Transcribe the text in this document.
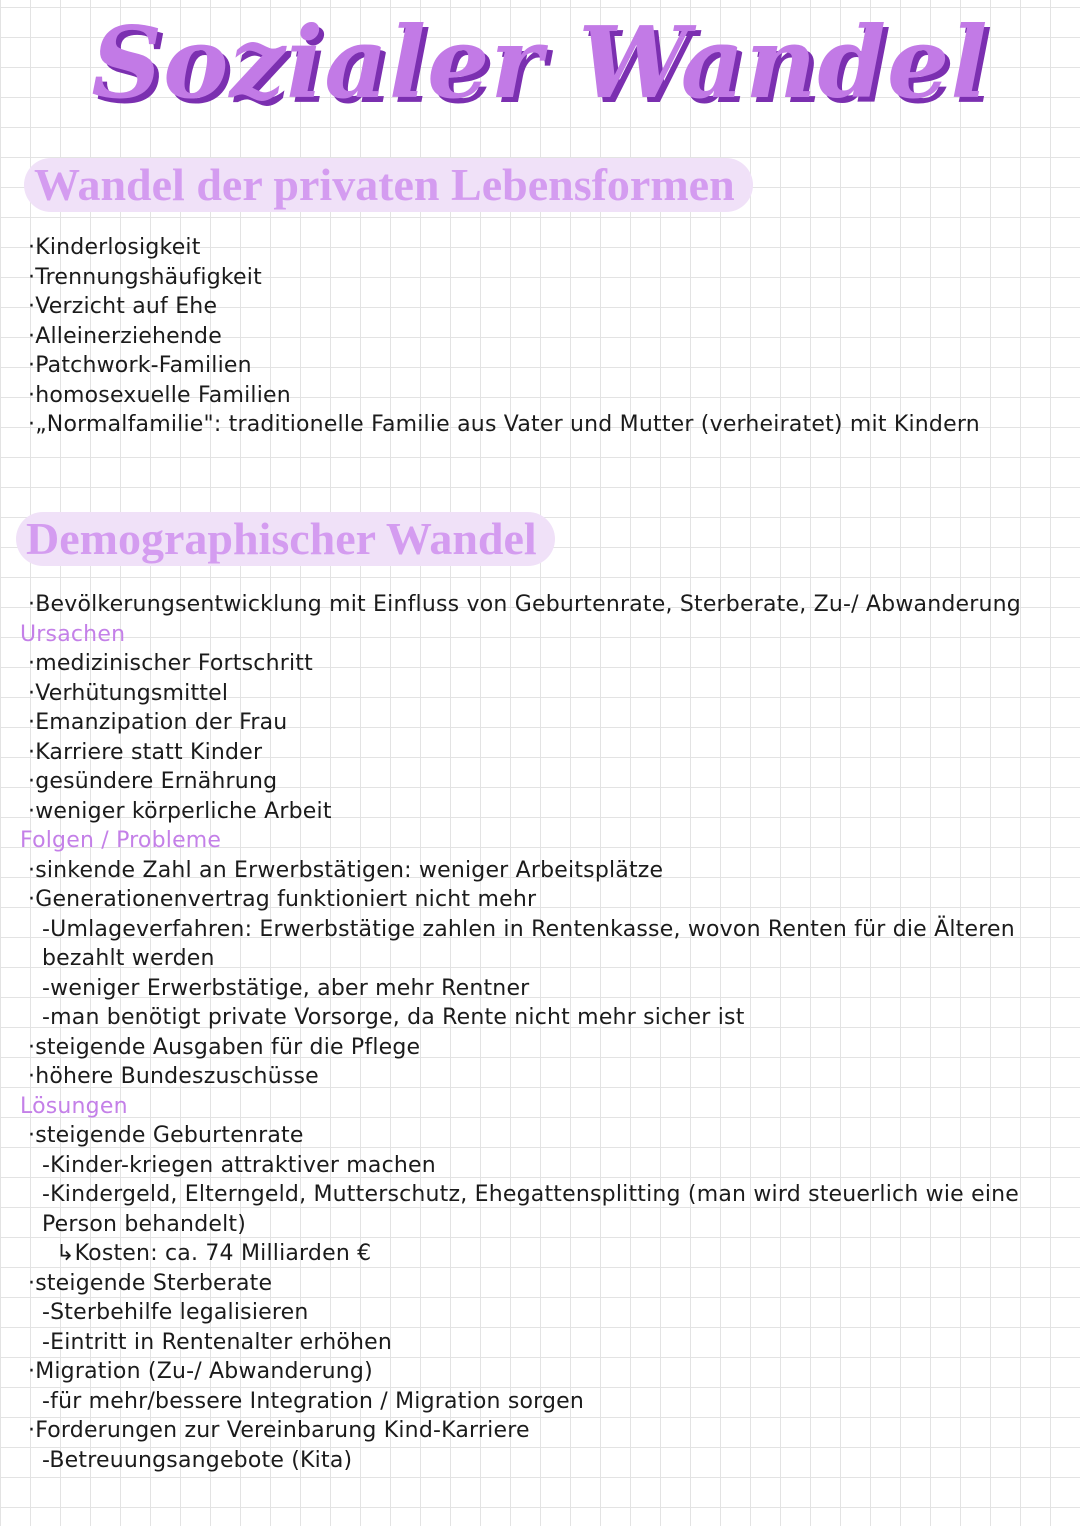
Sozialer Wandel
Wandel der privaten Lebensformen
·Kinderlosigkeit
·Trennungshäufigkeit
·Verzicht auf Ehe
·Alleinerziehende
·Patchwork-Familien
·homosexuelle Familien
·„Normalfamilie": traditionelle Familie aus Vater und Mutter (verheiratet) mit Kindern
Demographischer Wandel
·Bevölkerungsentwicklung mit Einfluss von Geburtenrate, Sterberate, Zu-/ Abwanderung
Ursachen
·medizinischer Fortschritt
·Verhütungsmittel
·Emanzipation der Frau
·Karriere statt Kinder
·gesündere Ernährung
·weniger körperliche Arbeit
Folgen / Probleme
·sinkende Zahl an Erwerbstätigen: weniger Arbeitsplätze
·Generationenvertrag funktioniert nicht mehr
-Umlageverfahren: Erwerbstätige zahlen in Rentenkasse, wovon Renten für die Älteren bezahlt werden
-weniger Erwerbstätige, aber mehr Rentner
-man benötigt private Vorsorge, da Rente nicht mehr sicher ist
·steigende Ausgaben für die Pflege
·höhere Bundeszuschüsse
Lösungen
·steigende Geburtenrate
-Kinder-kriegen attraktiver machen
-Kindergeld, Elterngeld, Mutterschutz, Ehegattensplitting (man wird steuerlich wie eine Person behandelt)
↳Kosten: ca. 74 Milliarden €
·steigende Sterberate
-Sterbehilfe legalisieren
-Eintritt in Rentenalter erhöhen
·Migration (Zu-/ Abwanderung)
-für mehr/bessere Integration / Migration sorgen
·Forderungen zur Vereinbarung Kind-Karriere
-Betreuungsangebote (Kita)
